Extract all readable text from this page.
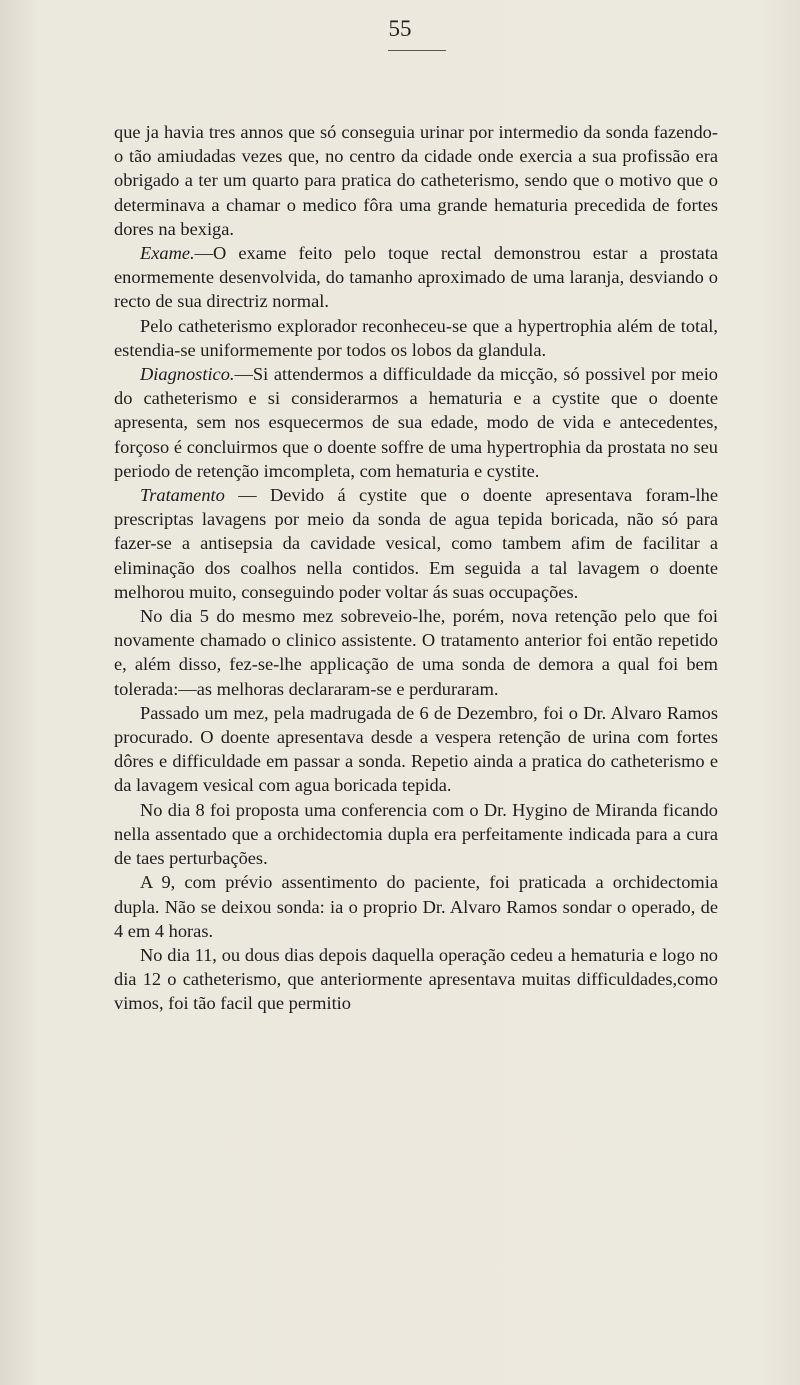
55

que ja havia tres annos que só conseguia urinar por intermedio da sonda fazendo-o tão amiudadas vezes que, no centro da cidade onde exercia a sua profissão era obrigado a ter um quarto para pratica do catheterismo, sendo que o motivo que o determinava a chamar o medico fôra uma grande hematuria precedida de fortes dores na bexiga.

Exame.—O exame feito pelo toque rectal demonstrou estar a prostata enormemente desenvolvida, do tamanho aproximado de uma laranja, desviando o recto de sua directriz normal.

Pelo catheterismo explorador reconheceu-se que a hypertrophia além de total, estendia-se uniformemente por todos os lobos da glandula.

Diagnostico.—Si attendermos a difficuldade da micção, só possivel por meio do catheterismo e si considerarmos a hematuria e a cystite que o doente apresenta, sem nos esquecermos de sua edade, modo de vida e antecedentes, forçoso é concluirmos que o doente soffre de uma hypertrophia da prostata no seu periodo de retenção imcompleta, com hematuria e cystite.

Tratamento — Devido á cystite que o doente apresentava foram-lhe prescriptas lavagens por meio da sonda de agua tepida boricada, não só para fazer-se a antisepsia da cavidade vesical, como tambem afim de facilitar a eliminação dos coalhos nella contidos. Em seguida a tal lavagem o doente melhorou muito, conseguindo poder voltar ás suas occupações.

No dia 5 do mesmo mez sobreveio-lhe, porém, nova retenção pelo que foi novamente chamado o clinico assistente. O tratamento anterior foi então repetido e, além disso, fez-se-lhe applicação de uma sonda de demora a qual foi bem tolerada:—as melhoras declararam-se e perduraram.

Passado um mez, pela madrugada de 6 de Dezembro, foi o Dr. Alvaro Ramos procurado. O doente apresentava desde a vespera retenção de urina com fortes dôres e difficuldade em passar a sonda. Repetio ainda a pratica do catheterismo e da lavagem vesical com agua boricada tepida.

No dia 8 foi proposta uma conferencia com o Dr. Hygino de Miranda ficando nella assentado que a orchidectomia dupla era perfeitamente indicada para a cura de taes perturbações.

A 9, com prévio assentimento do paciente, foi praticada a orchidectomia dupla. Não se deixou sonda: ia o proprio Dr. Alvaro Ramos sondar o operado, de 4 em 4 horas.

No dia 11, ou dous dias depois daquella operação cedeu a hematuria e logo no dia 12 o catheterismo, que anteriormente apresentava muitas difficuldades,como vimos, foi tão facil que permitio
